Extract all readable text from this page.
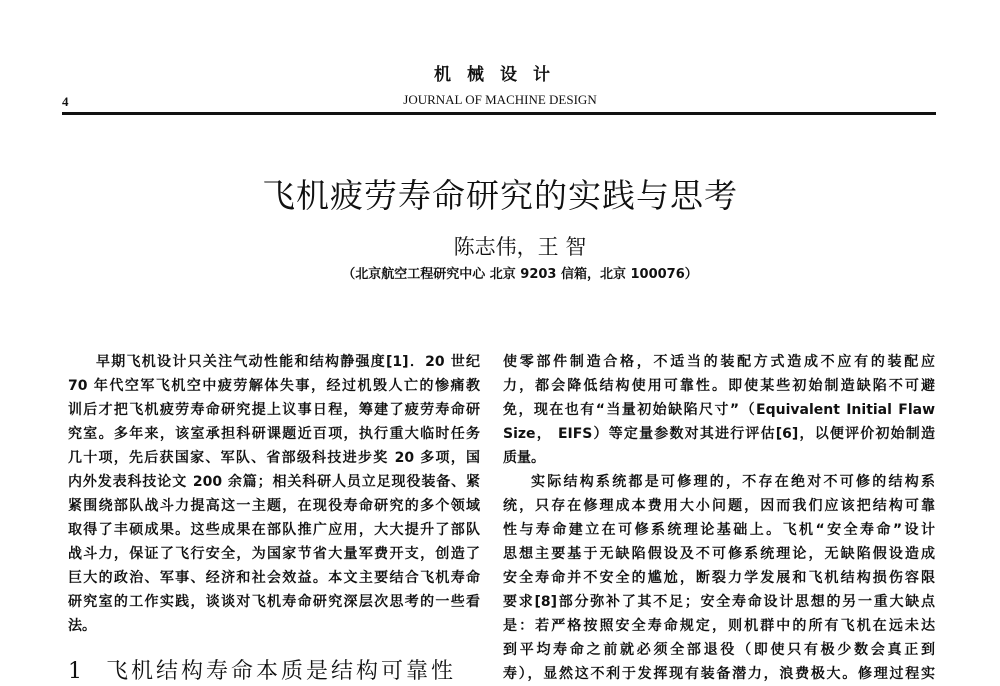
机械设计
4	JOURNAL OF MACHINE DESIGN
飞机疲劳寿命研究的实践与思考
陈志伟，王 智
（北京航空工程研究中心 北京 9203 信箱，北京 100076）
早期飞机设计只关注气动性能和结构静强度[1]．20 世纪
70 年代空军飞机空中疲劳解体失事，经过机毁人亡的惨痛教
训后才把飞机疲劳寿命研究提上议事日程，筹建了疲劳寿命研
究室。多年来，该室承担科研课题近百项，执行重大临时任务
几十项，先后获国家、军队、省部级科技进步奖 20 多项，国
内外发表科技论文 200 余篇；相关科研人员立足现役装备、紧
紧围绕部队战斗力提高这一主题，在现役寿命研究的多个领域
取得了丰硕成果。这些成果在部队推广应用，大大提升了部队
战斗力，保证了飞行安全，为国家节省大量军费开支，创造了
巨大的政治、军事、经济和社会效益。本文主要结合飞机寿命
研究室的工作实践，谈谈对飞机寿命研究深层次思考的一些看
法。
1 飞机结构寿命本质是结构可靠性
使零部件制造合格，不适当的装配方式造成不应有的装配应
力，都会降低结构使用可靠性。即使某些初始制造缺陷不可避
免，现在也有“当量初始缺陷尺寸”（Equivalent Initial Flaw
Size， EIFS）等定量参数对其进行评估[6]，以便评价初始制造
质量。
实际结构系统都是可修理的，不存在绝对不可修的结构系
统，只存在修理成本费用大小问题，因而我们应该把结构可靠
性与寿命建立在可修系统理论基础上。飞机“安全寿命”设计
思想主要基于无缺陷假设及不可修系统理论，无缺陷假设造成
安全寿命并不安全的尴尬，断裂力学发展和飞机结构损伤容限
要求[8]部分弥补了其不足；安全寿命设计思想的另一重大缺点
是：若严格按照安全寿命规定，则机群中的所有飞机在远未达
到平均寿命之前就必须全部退役（即使只有极少数会真正到
寿），显然这不利于发挥现有装备潜力，浪费极大。修理过程实
